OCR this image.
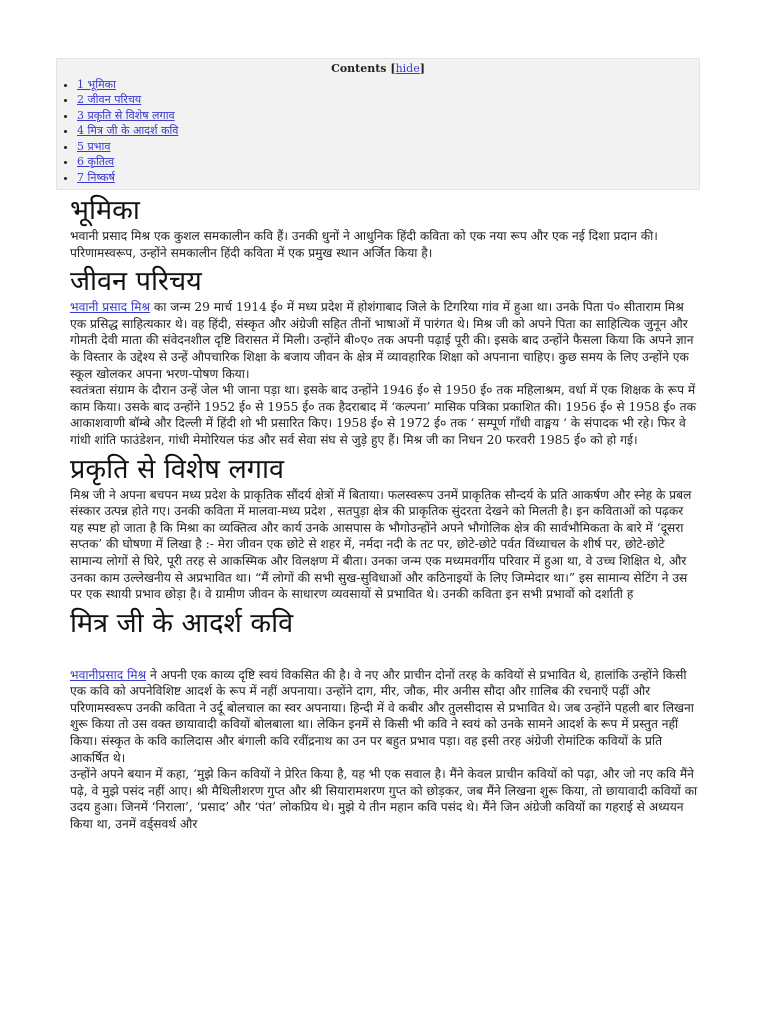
Contents [hide]
• 1 भूमिका
• 2 जीवन परिचय
• 3 प्रकृति से विशेष लगाव
• 4 मित्र जी के आदर्श कवि
• 5 प्रभाव
• 6 कृतित्व
• 7 निष्कर्ष
भूमिका

भवानी प्रसाद मिश्र एक कुशल समकालीन कवि हैं। उनकी धुनों ने आधुनिक हिंदी कविता को एक नया रूप और एक नई दिशा प्रदान की। परिणामस्वरूप, उन्होंने समकालीन हिंदी कविता में एक प्रमुख स्थान अर्जित किया है।

जीवन परिचय

भवानी प्रसाद मिश्र का जन्म 29 मार्च 1914 ई० में मध्य प्रदेश में होशंगाबाद जिले के टिगरिया गांव में हुआ था। उनके पिता पं० सीताराम मिश्र एक प्रसिद्ध साहित्यकार थे। वह हिंदी, संस्कृत और अंग्रेजी सहित तीनों भाषाओं में पारंगत थे। मिश्र जी को अपने पिता का साहित्यिक जुनून और गोमती देवी माता की संवेदनशील दृष्टि विरासत में मिली। उन्होंने बी०ए० तक अपनी पढ़ाई पूरी की। इसके बाद उन्होंने फैसला किया कि अपने ज्ञान के विस्तार के उद्देश्य से उन्हें औपचारिक शिक्षा के बजाय जीवन के क्षेत्र में व्यावहारिक शिक्षा को अपनाना चाहिए। कुछ समय के लिए उन्होंने एक स्कूल खोलकर अपना भरण-पोषण किया।

स्वतंत्रता संग्राम के दौरान उन्हें जेल भी जाना पड़ा था। इसके बाद उन्होंने 1946 ई० से 1950 ई० तक महिलाश्रम, वर्धा में एक शिक्षक के रूप में काम किया। उसके बाद उन्होंने 1952 ई० से 1955 ई० तक हैदराबाद में ‘कल्पना’ मासिक पत्रिका प्रकाशित की। 1956 ई० से 1958 ई० तक आकाशवाणी बॉम्बे और दिल्ली में हिंदी शो भी प्रसारित किए। 1958 ई० से 1972 ई० तक ‘ सम्पूर्ण गाँधी वाङ्मय ‘ के संपादक भी रहे। फिर वे गांधी शांति फाउंडेशन, गांधी मेमोरियल फंड और सर्व सेवा संघ से जुड़े हुए हैं। मिश्र जी का निधन 20 फरवरी 1985 ई० को हो गई।

प्रकृति से विशेष लगाव

मिश्र जी ने अपना बचपन मध्य प्रदेश के प्राकृतिक सौंदर्य क्षेत्रों में बिताया। फलस्वरूप उनमें प्राकृतिक सौन्दर्य के प्रति आकर्षण और स्नेह के प्रबल संस्कार उत्पन्न होते गए। उनकी कविता में मालवा-मध्य प्रदेश , सतपुड़ा क्षेत्र की प्राकृतिक सुंदरता देखने को मिलती है। इन कविताओं को पढ़कर यह स्पष्ट हो जाता है कि मिश्रा का व्यक्तित्व और कार्य उनके आसपास के भौगोउन्होंने अपने भौगोलिक क्षेत्र की सार्वभौमिकता के बारे में ‘दूसरा सप्तक’ की घोषणा में लिखा है :- मेरा जीवन एक छोटे से शहर में, नर्मदा नदी के तट पर, छोटे-छोटे पर्वत विंध्याचल के शीर्ष पर, छोटे-छोटे सामान्य लोगों से घिरे, पूरी तरह से आकस्मिक और विलक्षण में बीता। उनका जन्म एक मध्यमवर्गीय परिवार में हुआ था, वे उच्च शिक्षित थे, और उनका काम उल्लेखनीय से अप्रभावित था। “मैं लोगों की सभी सुख-सुविधाओं और कठिनाइयों के लिए जिम्मेदार था।” इस सामान्य सेटिंग ने उस पर एक स्थायी प्रभाव छोड़ा है। वे ग्रामीण जीवन के साधारण व्यवसायों से प्रभावित थे। उनकी कविता इन सभी प्रभावों को दर्शाती ह

मित्र जी के आदर्श कवि

भवानीप्रसाद मिश्र ने अपनी एक काव्य दृष्टि स्वयं विकसित की है। वे नए और प्राचीन दोनों तरह के कवियों से प्रभावित थे, हालांकि उन्होंने किसी एक कवि को अपनेविशिष्ट आदर्श के रूप में नहीं अपनाया। उन्होंने दाग, मीर, जौक, मीर अनीस सौदा और ग़ालिब की रचनाएँ पढ़ीं और परिणामस्वरूप उनकी कविता ने उर्दू बोलचाल का स्वर अपनाया। हिन्दी में वे कबीर और तुलसीदास से प्रभावित थे। जब उन्होंने पहली बार लिखना शुरू किया तो उस वक्त छायावादी कवियों बोलबाला था। लेकिन इनमें से किसी भी कवि ने स्वयं को उनके सामने आदर्श के रूप में प्रस्तुत नहीं किया। संस्कृत के कवि कालिदास और बंगाली कवि रवींद्रनाथ का उन पर बहुत प्रभाव पड़ा। वह इसी तरह अंग्रेजी रोमांटिक कवियों के प्रति आकर्षित थे।

उन्होंने अपने बयान में कहा, ‘मुझे किन कवियों ने प्रेरित किया है, यह भी एक सवाल है। मैंने केवल प्राचीन कवियों को पढ़ा, और जो नए कवि मैंने पढ़े, वे मुझे पसंद नहीं आए। श्री मैथिलीशरण गुप्त और श्री सियारामशरण गुप्त को छोड़कर, जब मैंने लिखना शुरू किया, तो छायावादी कवियों का उदय हुआ। जिनमें ‘निराला’, ‘प्रसाद’ और ‘पंत’ लोकप्रिय थे। मुझे ये तीन महान कवि पसंद थे। मैंने जिन अंग्रेजी कवियों का गहराई से अध्ययन किया था, उनमें वर्ड्सवर्थ और
